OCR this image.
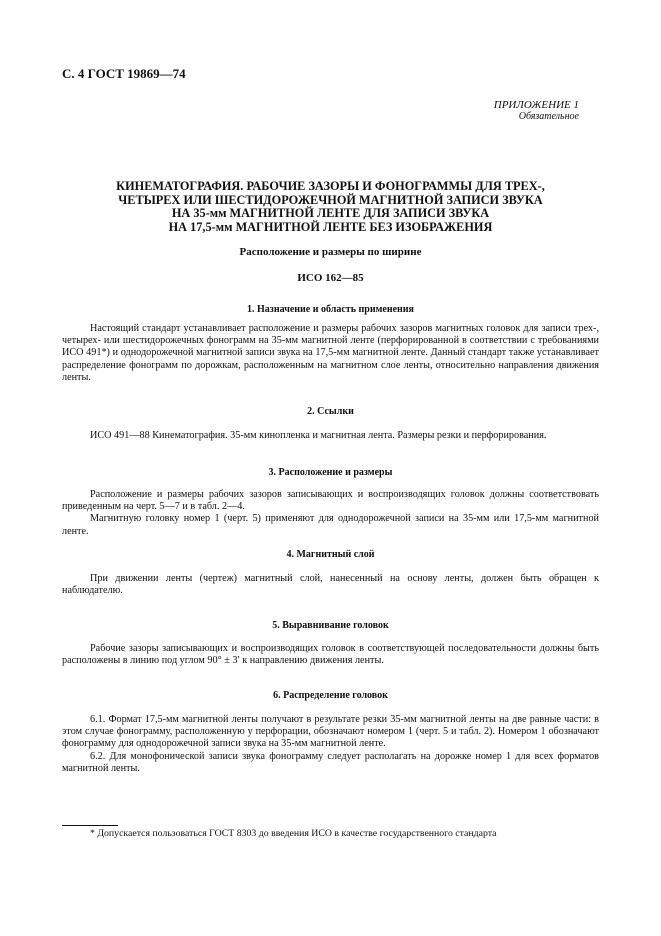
С. 4 ГОСТ 19869—74
ПРИЛОЖЕНИЕ 1
Обязательное
КИНЕМАТОГРАФИЯ. РАБОЧИЕ ЗАЗОРЫ И ФОНОГРАММЫ ДЛЯ ТРЕХ-,
ЧЕТЫРЕХ ИЛИ ШЕСТИДОРОЖЕЧНОЙ МАГНИТНОЙ ЗАПИСИ ЗВУКА
НА 35-мм МАГНИТНОЙ ЛЕНТЕ ДЛЯ ЗАПИСИ ЗВУКА
НА 17,5-мм МАГНИТНОЙ ЛЕНТЕ БЕЗ ИЗОБРАЖЕНИЯ
Расположение и размеры по ширине
ИСО 162—85
1. Назначение и область применения

Настоящий стандарт устанавливает расположение и размеры рабочих зазоров магнитных головок для записи трех-, четырех- или шестидорожечных фонограмм на 35-мм магнитной ленте (перфорированной в соответствии с требованиями ИСО 491*) и однодорожечной магнитной записи звука на 17,5-мм магнитной ленте. Данный стандарт также устанавливает распределение фонограмм по дорожкам, расположенным на магнитном слое ленты, относительно направления движения ленты.

2. Ссылки

ИСО 491—88 Кинематография. 35-мм кинопленка и магнитная лента. Размеры резки и перфорирования.

3. Расположение и размеры

Расположение и размеры рабочих зазоров записывающих и воспроизводящих головок должны соответствовать приведенным на черт. 5—7 и в табл. 2—4.

Магнитную головку номер 1 (черт. 5) применяют для однодорожечной записи на 35-мм или 17,5-мм магнитной ленте.

4. Магнитный слой

При движении ленты (чертеж) магнитный слой, нанесенный на основу ленты, должен быть обращен к наблюдателю.

5. Выравнивание головок

Рабочие зазоры записывающих и воспроизводящих головок в соответствующей последовательности должны быть расположены в линию под углом 90° ± 3′ к направлению движения ленты.

6. Распределение головок

6.1. Формат 17,5-мм магнитной ленты получают в результате резки 35-мм магнитной ленты на две равные части: в этом случае фонограмму, расположенную у перфорации, обозначают номером 1 (черт. 5 и табл. 2). Номером 1 обозначают фонограмму для однодорожечной записи звука на 35-мм магнитной ленте.

6.2. Для монофонической записи звука фонограмму следует располагать на дорожке номер 1 для всех форматов магнитной ленты.

* Допускается пользоваться ГОСТ 8303 до введения ИСО в качестве государственного стандарта
